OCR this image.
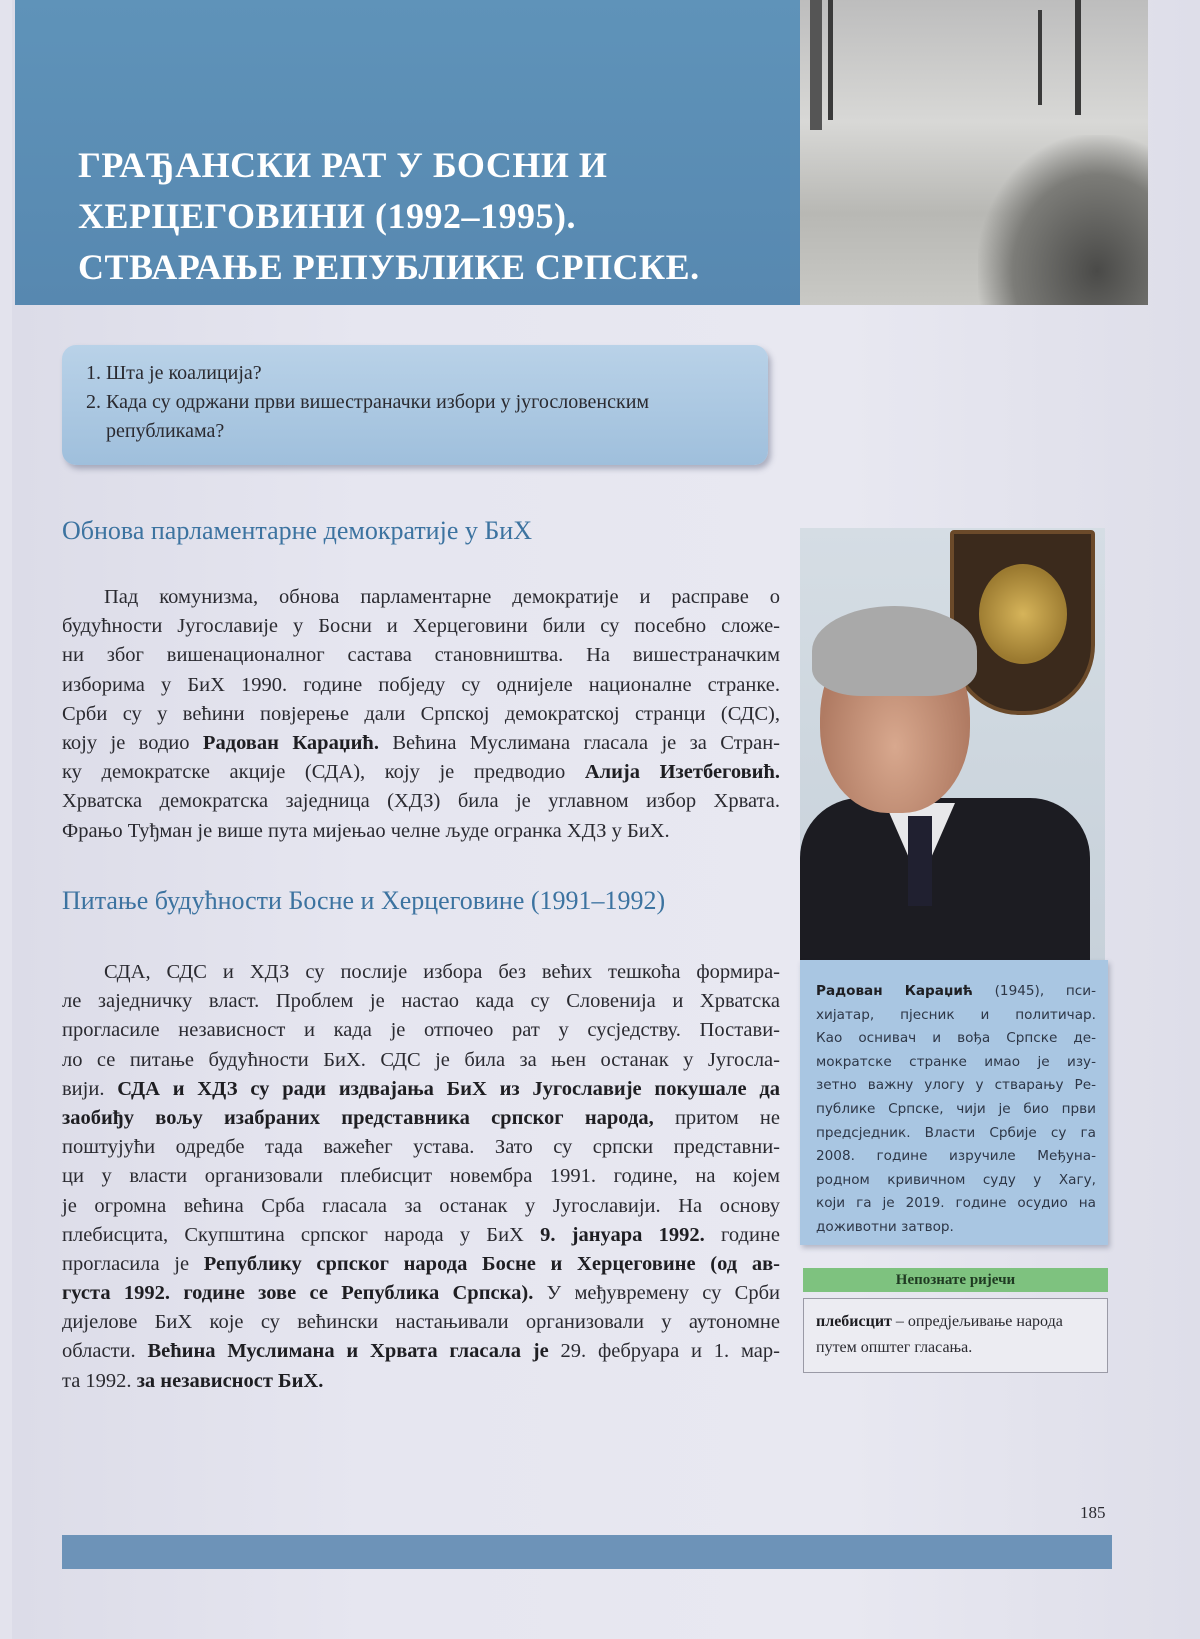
ГРАЂАНСКИ РАТ У БОСНИ И
ХЕРЦЕГОВИНИ (1992–1995).
СТВАРАЊЕ РЕПУБЛИКЕ СРПСКЕ.
1. Шта је коалиција?
2. Када су одржани први вишестраначки избори у југословенским републикама?
Обнова парламентарне демократије у БиХ
Пад комунизма, обнова парламентарне демократије и расправе о
будућности Југославије у Босни и Херцеговини били су посебно сложе-
ни због вишенационалног састава становништва. На вишестраначким
изборима у БиХ 1990. године побједу су однијеле националне странке.
Срби су у већини повјерење дали Српској демократској странци (СДС),
коју је водио Радован Караџић. Већина Муслимана гласала је за Стран-
ку демократске акције (СДА), коју је предводио Алија Изетбеговић.
Хрватска демократска заједница (ХДЗ) била је углавном избор Хрвата.
Фрањо Туђман је више пута мијењао челне људе огранка ХДЗ у БиХ.
Питање будућности Босне и Херцеговине (1991–1992)
СДА, СДС и ХДЗ су послије избора без већих тешкоћа формира-
ле заједничку власт. Проблем је настао када су Словенија и Хрватска
прогласиле независност и када је отпочео рат у сусједству. Постави-
ло се питање будућности БиХ. СДС је била за њен останак у Југосла-
вији. СДА и ХДЗ су ради издвајања БиХ из Југославије покушале да
заобиђу вољу изабраних представника српског народа, притом не
поштујући одредбе тада важећег устава. Зато су српски представни-
ци у власти организовали плебисцит новембра 1991. године, на којем
је огромна већина Срба гласала за останак у Југославији. На основу
плебисцита, Скупштина српског народа у БиХ 9. јануара 1992. године
прогласила је Републику српског народа Босне и Херцеговине (од ав-
густа 1992. године зове се Република Српска). У међувремену су Срби
дијелове БиХ које су већински настањивали организовали у аутономне
области. Већина Муслимана и Хрвата гласала је 29. фебруара и 1. мар-
та 1992. за независност БиХ.
Радован Караџић (1945), пси-
хијатар, пјесник и политичар.
Као оснивач и вођа Српске де-
мократске странке имао је изу-
зетно важну улогу у стварању Ре-
публике Српске, чији је био први
предсједник. Власти Србије су га
2008. године изручиле Међуна-
родном кривичном суду у Хагу,
који га је 2019. године осудио на
доживотни затвор.
Непознате ријечи
плебисцит – опредјељивање народа путем општег гласања.
185
